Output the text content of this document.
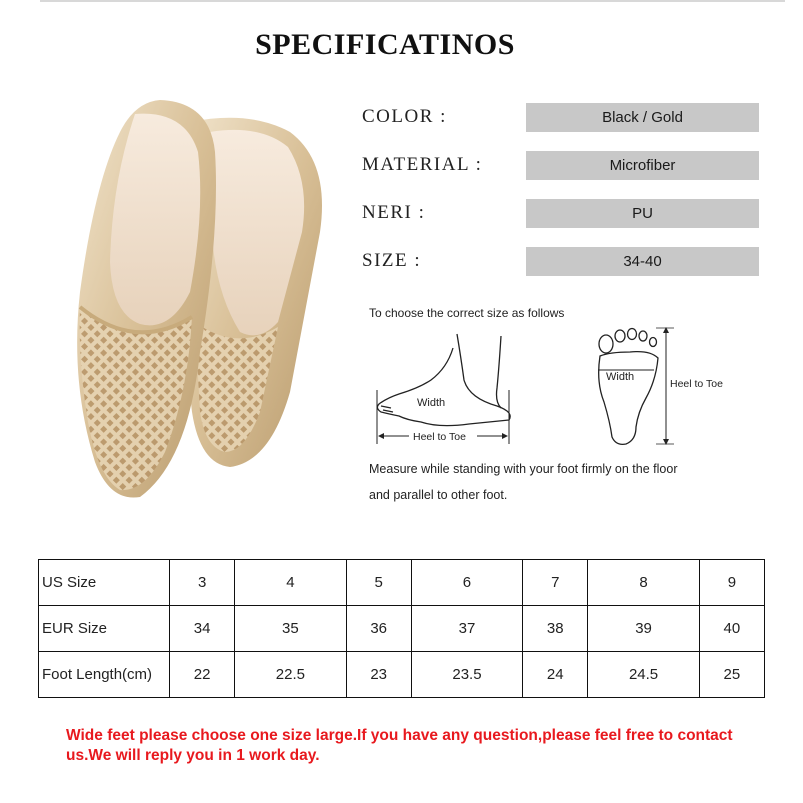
SPECIFICATINOS
COLOR :	Black / Gold
MATERIAL :	Microfiber
NERI :	PU
SIZE :	34-40
To choose the correct size as follows
Width
Heel to Toe
Width
Heel to Toe
Measure while standing with your foot firmly on the floor
and parallel to other foot.
US Size	3	4	5	6	7	8	9
EUR Size	34	35	36	37	38	39	40
Foot Length(cm)	22	22.5	23	23.5	24	24.5	25

Wide feet please choose one size large.If you have any question,please feel free to contact us.We will reply you in 1 work day.
